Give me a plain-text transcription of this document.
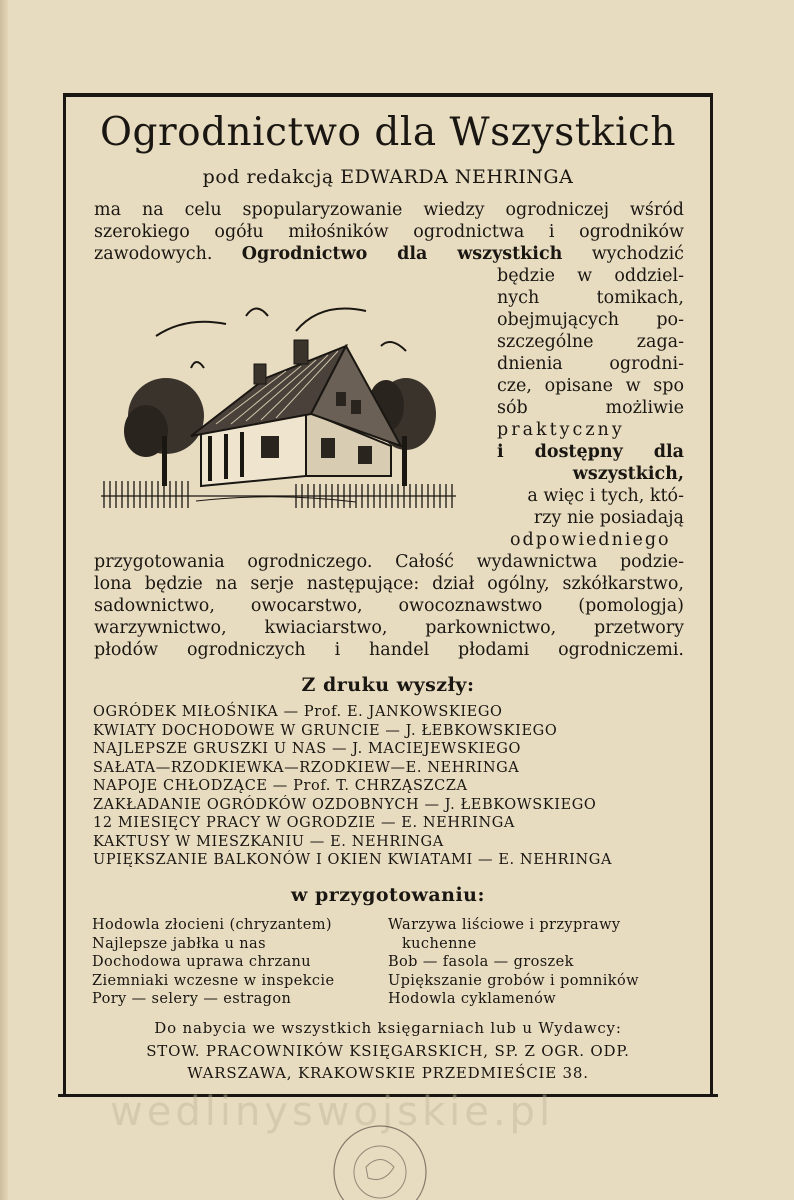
Ogrodnictwo dla Wszystkich
pod redakcją EDWARDA NEHRINGA
ma na celu spopularyzowanie wiedzy ogrodniczej wśród
szerokiego ogółu miłośników ogrodnictwa i ogrodników
zawodowych. Ogrodnictwo dla wszystkich wychodzić
będzie w oddziel-
nych tomikach,
obejmujących po-
szczególne zaga-
dnienia ogrodni-
cze, opisane w spo
sób możliwie
praktyczny
i dostępny dla
wszystkich,
a więc i tych, któ-
rzy nie posiadają
odpowiedniego
przygotowania ogrodniczego. Całość wydawnictwa podzie-
lona będzie na serje następujące: dział ogólny, szkółkarstwo,
sadownictwo, owocarstwo, owocoznawstwo (pomologja)
warzywnictwo, kwiaciarstwo, parkownictwo, przetwory
płodów ogrodniczych i handel płodami ogrodniczemi.
Z druku wyszły:
OGRÓDEK MIŁOŚNIKA — Prof. E. JANKOWSKIEGO
KWIATY DOCHODOWE W GRUNCIE — J. ŁEBKOWSKIEGO
NAJLEPSZE GRUSZKI U NAS — J. MACIEJEWSKIEGO
SAŁATA—RZODKIEWKA—RZODKIEW—E. NEHRINGA
NAPOJE CHŁODZĄCE — Prof. T. CHRZĄSZCZA
ZAKŁADANIE OGRÓDKÓW OZDOBNYCH — J. ŁEBKOWSKIEGO
12 MIESIĘCY PRACY W OGRODZIE — E. NEHRINGA
KAKTUSY W MIESZKANIU — E. NEHRINGA
UPIĘKSZANIE BALKONÓW I OKIEN KWIATAMI — E. NEHRINGA
w przygotowaniu:
Hodowla złocieni (chryzantem)
Najlepsze jabłka u nas
Dochodowa uprawa chrzanu
Ziemniaki wczesne w inspekcie
Pory — selery — estragon
Warzywa liściowe i przyprawy
kuchenne
Bob — fasola — groszek
Upiększanie grobów i pomników
Hodowla cyklamenów
Do nabycia we wszystkich księgarniach lub u Wydawcy:
STOW. PRACOWNIKÓW KSIĘGARSKICH, SP. Z OGR. ODP.
WARSZAWA, KRAKOWSKIE PRZEDMIEŚCIE 38.
wedlinyswojskie.pl
